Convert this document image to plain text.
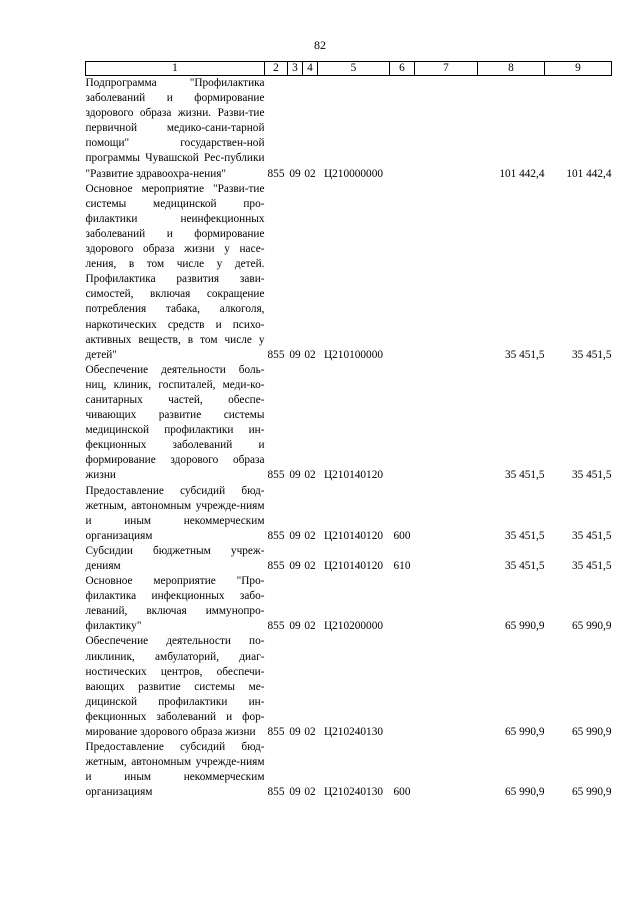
82
1	2	3	4	5	6	7	8	9
Подпрограмма "Профилактика заболеваний и формирование здорового образа жизни. Разви-тие первичной медико-сани-тарной помощи" государствен-ной программы Чувашской Рес-публики "Развитие здравоохра-нения"	855	09	02	Ц210000000			101 442,4	101 442,4
Основное мероприятие "Разви-тие системы медицинской про-филактики неинфекционных заболеваний и формирование здорового образа жизни у насе-ления, в том числе у детей. Профилактика развития зави-симостей, включая сокращение потребления табака, алкоголя, наркотических средств и психо-активных веществ, в том числе у детей"	855	09	02	Ц210100000			35 451,5	35 451,5
Обеспечение деятельности боль-ниц, клиник, госпиталей, меди-ко-санитарных частей, обеспе-чивающих развитие системы медицинской профилактики ин-фекционных заболеваний и формирование здорового образа жизни	855	09	02	Ц210140120			35 451,5	35 451,5
Предоставление субсидий бюд-жетным, автономным учрежде-ниям и иным некоммерческим организациям	855	09	02	Ц210140120	600		35 451,5	35 451,5
Субсидии бюджетным учреж-дениям	855	09	02	Ц210140120	610		35 451,5	35 451,5
Основное мероприятие "Про-филактика инфекционных забо-леваний, включая иммунопро-филактику"	855	09	02	Ц210200000			65 990,9	65 990,9
Обеспечение деятельности по-ликлиник, амбулаторий, диаг-ностических центров, обеспечи-вающих развитие системы ме-дицинской профилактики ин-фекционных заболеваний и фор-мирование здорового образа жизни	855	09	02	Ц210240130			65 990,9	65 990,9
Предоставление субсидий бюд-жетным, автономным учрежде-ниям и иным некоммерческим организациям	855	09	02	Ц210240130	600		65 990,9	65 990,9
